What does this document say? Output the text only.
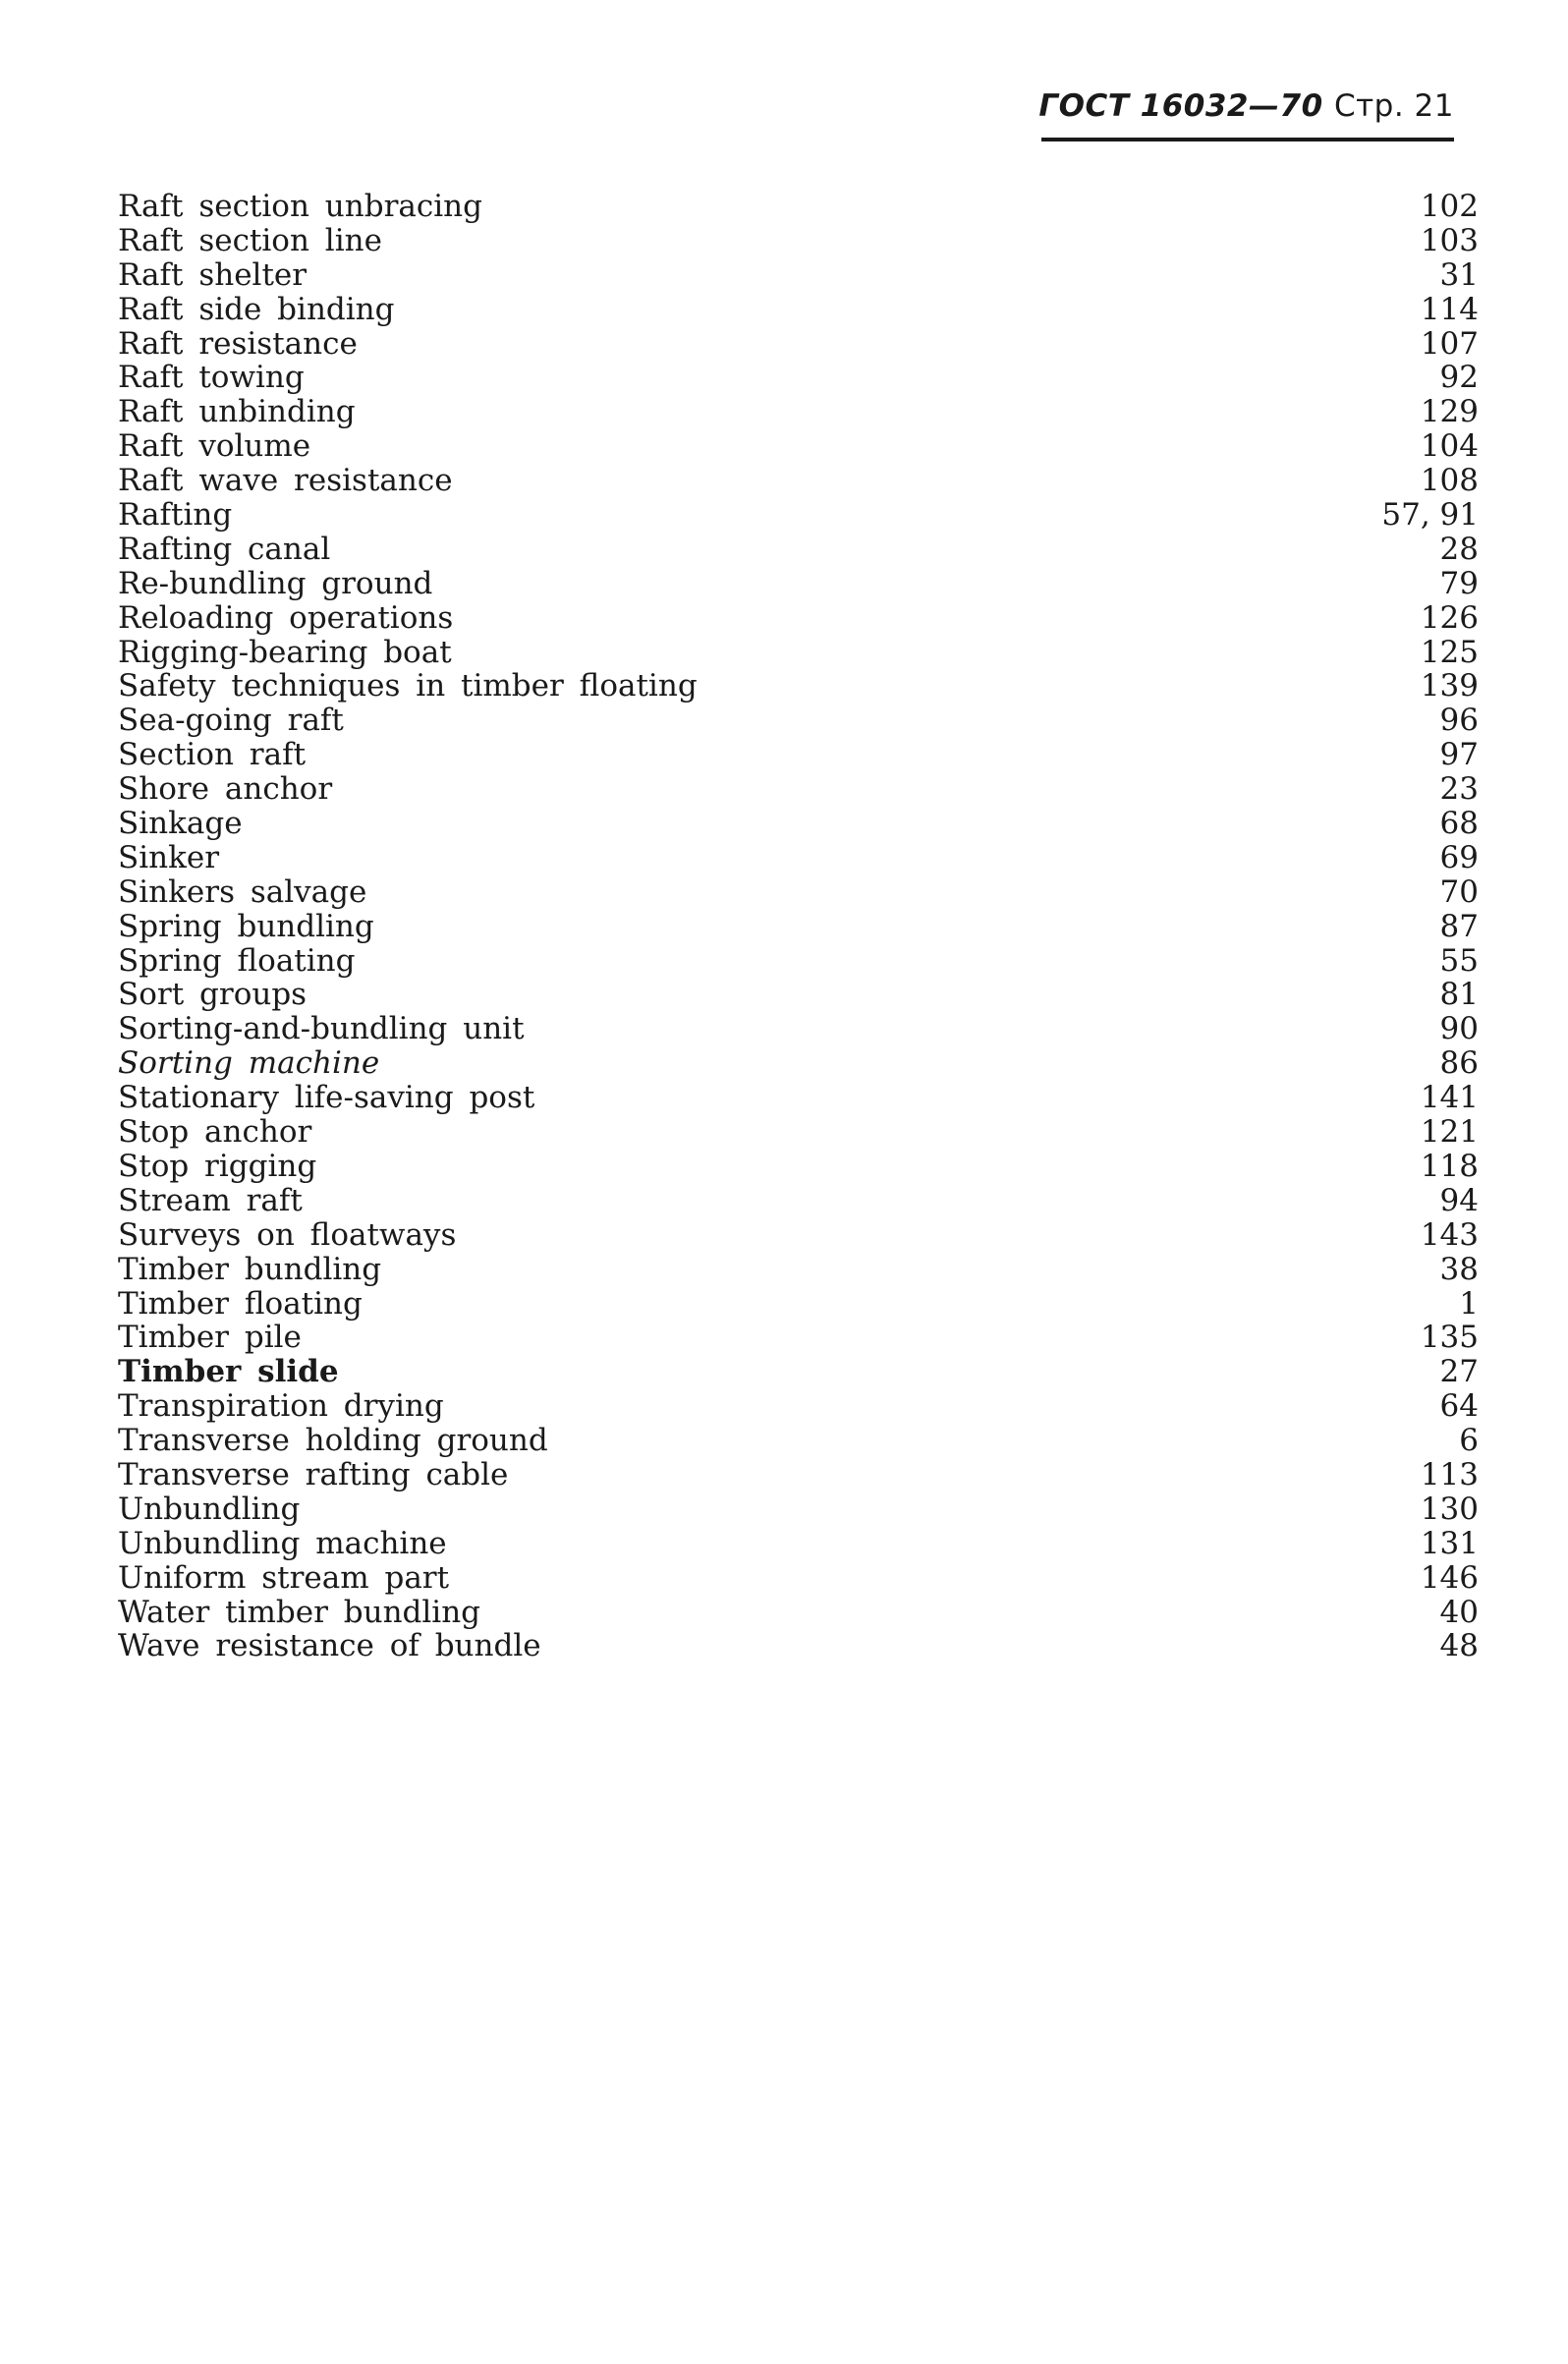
ГОСТ 16032—70 Стр. 21
Raft section unbracing	102
Raft section line	103
Raft shelter	31
Raft side binding	114
Raft resistance	107
Raft towing	92
Raft unbinding	129
Raft volume	104
Raft wave resistance	108
Rafting	57, 91
Rafting canal	28
Re-bundling ground	79
Reloading operations	126
Rigging-bearing boat	125
Safety techniques in timber floating	139
Sea-going raft	96
Section raft	97
Shore anchor	23
Sinkage	68
Sinker	69
Sinkers salvage	70
Spring bundling	87
Spring floating	55
Sort groups	81
Sorting-and-bundling unit	90
Sorting machine	86
Stationary life-saving post	141
Stop anchor	121
Stop rigging	118
Stream raft	94
Surveys on floatways	143
Timber bundling	38
Timber floating	1
Timber pile	135
Timber slide	27
Transpiration drying	64
Transverse holding ground	6
Transverse rafting cable	113
Unbundling	130
Unbundling machine	131
Uniform stream part	146
Water timber bundling	40
Wave resistance of bundle	48
